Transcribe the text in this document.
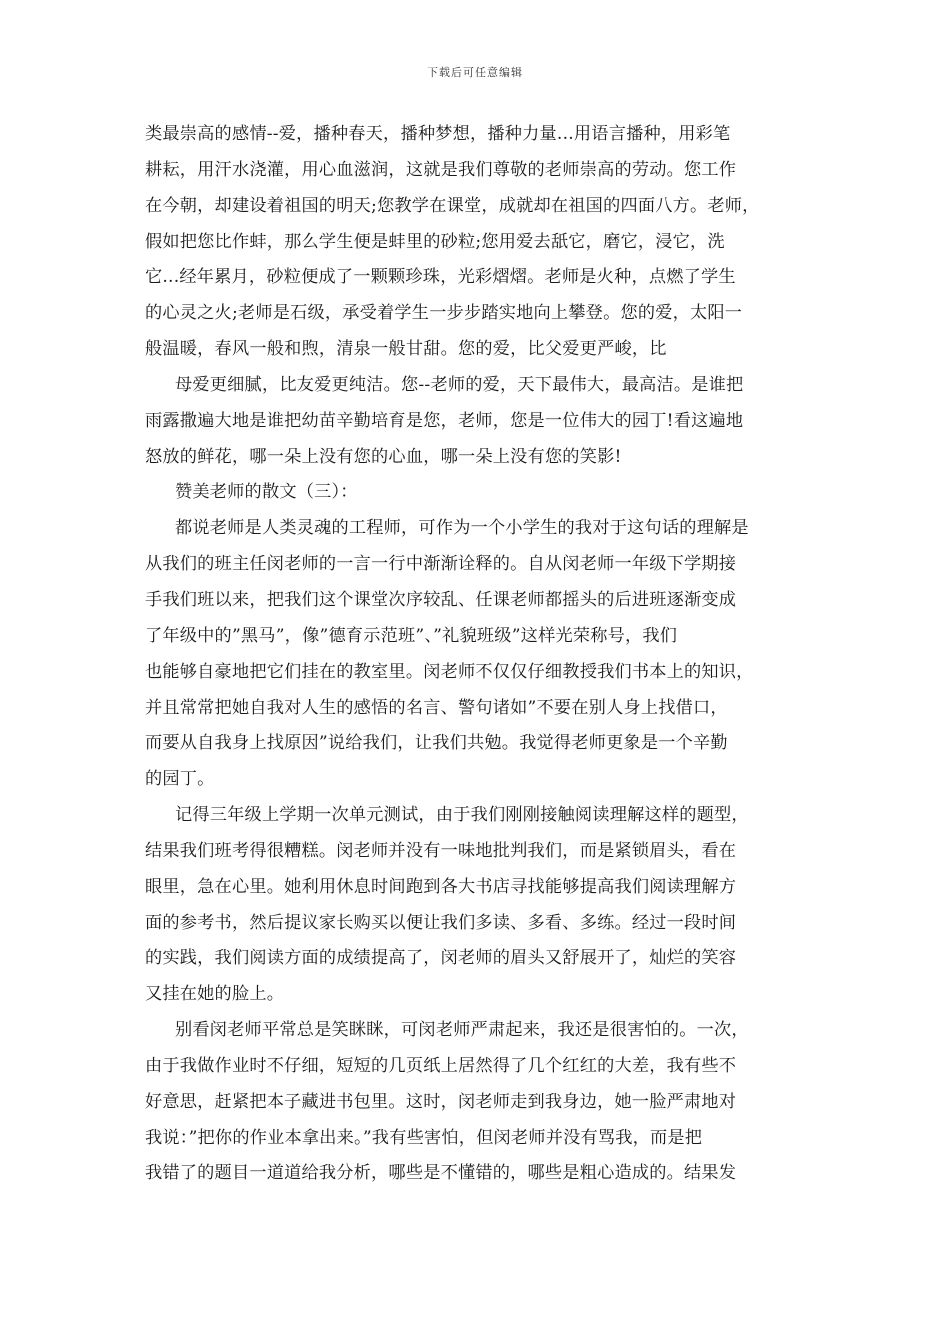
下载后可任意编辑
类最崇高的感情--爱，播种春天，播种梦想，播种力量...用语言播种，用彩笔
耕耘，用汗水浇灌，用心血滋润，这就是我们尊敬的老师崇高的劳动。您工作
在今朝，却建设着祖国的明天;您教学在课堂，成就却在祖国的四面八方。老师，
假如把您比作蚌，那么学生便是蚌里的砂粒;您用爱去舐它，磨它，浸它，洗
它...经年累月，砂粒便成了一颗颗珍珠，光彩熠熠。老师是火种，点燃了学生
的心灵之火;老师是石级，承受着学生一步步踏实地向上攀登。您的爱，太阳一
般温暖，春风一般和煦，清泉一般甘甜。您的爱，比父爱更严峻，比
母爱更细腻，比友爱更纯洁。您--老师的爱，天下最伟大，最高洁。是谁把
雨露撒遍大地是谁把幼苗辛勤培育是您，老师，您是一位伟大的园丁!看这遍地
怒放的鲜花，哪一朵上没有您的心血，哪一朵上没有您的笑影!
赞美老师的散文（三）：
都说老师是人类灵魂的工程师，可作为一个小学生的我对于这句话的理解是
从我们的班主任闵老师的一言一行中渐渐诠释的。自从闵老师一年级下学期接
手我们班以来，把我们这个课堂次序较乱、任课老师都摇头的后进班逐渐变成
了年级中的”黑马”，像”德育示范班”、”礼貌班级”这样光荣称号，我们
也能够自豪地把它们挂在的教室里。闵老师不仅仅仔细教授我们书本上的知识，
并且常常把她自我对人生的感悟的名言、警句诸如”不要在别人身上找借口，
而要从自我身上找原因”说给我们，让我们共勉。我觉得老师更象是一个辛勤
的园丁。
记得三年级上学期一次单元测试，由于我们刚刚接触阅读理解这样的题型，
结果我们班考得很糟糕。闵老师并没有一味地批判我们，而是紧锁眉头，看在
眼里，急在心里。她利用休息时间跑到各大书店寻找能够提高我们阅读理解方
面的参考书，然后提议家长购买以便让我们多读、多看、多练。经过一段时间
的实践，我们阅读方面的成绩提高了，闵老师的眉头又舒展开了，灿烂的笑容
又挂在她的脸上。
别看闵老师平常总是笑眯眯，可闵老师严肃起来，我还是很害怕的。一次，
由于我做作业时不仔细，短短的几页纸上居然得了几个红红的大差，我有些不
好意思，赶紧把本子藏进书包里。这时，闵老师走到我身边，她一脸严肃地对
我说：”把你的作业本拿出来。”我有些害怕，但闵老师并没有骂我，而是把
我错了的题目一道道给我分析，哪些是不懂错的，哪些是粗心造成的。结果发
